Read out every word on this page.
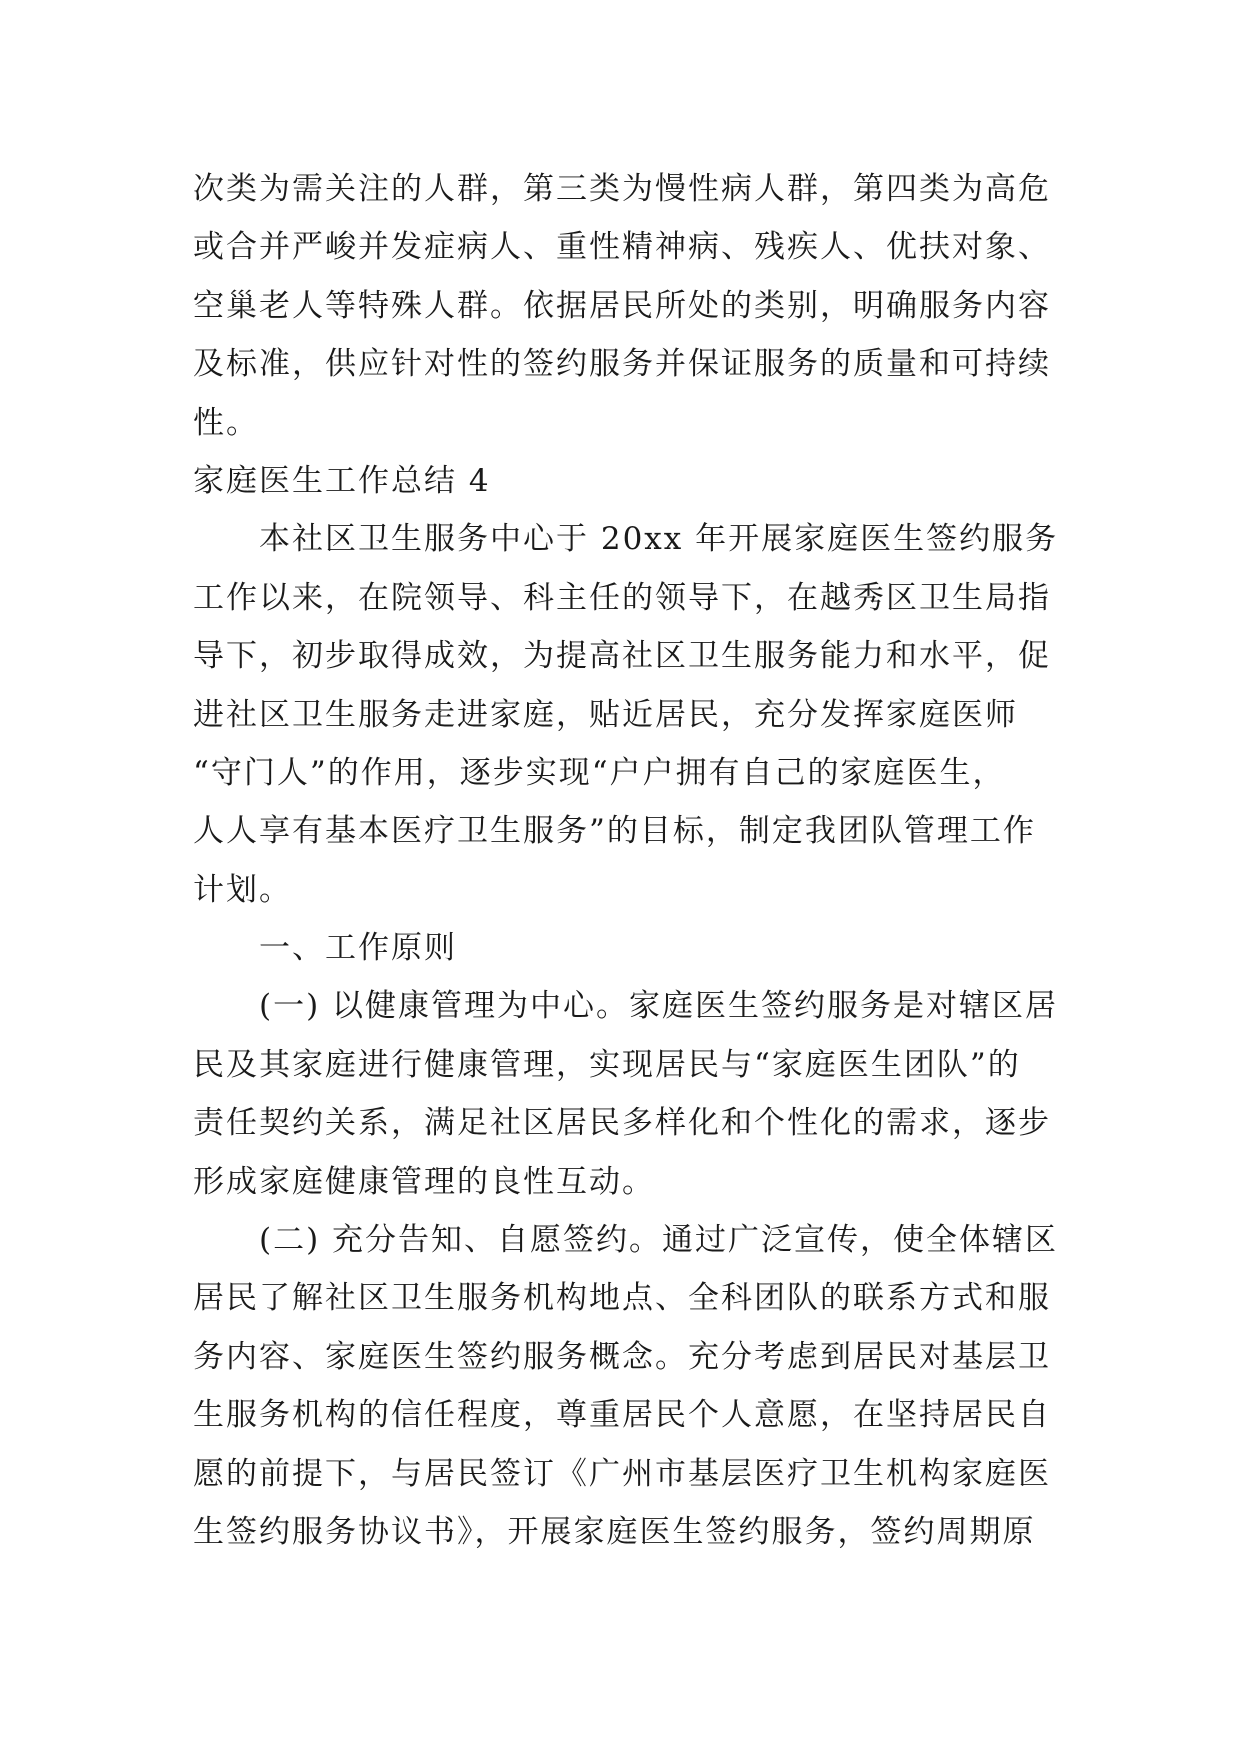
次类为需关注的人群，第三类为慢性病人群，第四类为高危
或合并严峻并发症病人、重性精神病、残疾人、优扶对象、
空巢老人等特殊人群。依据居民所处的类别，明确服务内容
及标准，供应针对性的签约服务并保证服务的质量和可持续
性。
家庭医生工作总结 4
本社区卫生服务中心于 20xx 年开展家庭医生签约服务
工作以来，在院领导、科主任的领导下，在越秀区卫生局指
导下，初步取得成效，为提高社区卫生服务能力和水平，促
进社区卫生服务走进家庭，贴近居民，充分发挥家庭医师
“守门人”的作用，逐步实现“户户拥有自己的家庭医生，
人人享有基本医疗卫生服务”的目标，制定我团队管理工作
计划。
一、工作原则
(一) 以健康管理为中心。家庭医生签约服务是对辖区居
民及其家庭进行健康管理，实现居民与“家庭医生团队”的
责任契约关系，满足社区居民多样化和个性化的需求，逐步
形成家庭健康管理的良性互动。
(二) 充分告知、自愿签约。通过广泛宣传，使全体辖区
居民了解社区卫生服务机构地点、全科团队的联系方式和服
务内容、家庭医生签约服务概念。充分考虑到居民对基层卫
生服务机构的信任程度，尊重居民个人意愿，在坚持居民自
愿的前提下，与居民签订《广州市基层医疗卫生机构家庭医
生签约服务协议书》，开展家庭医生签约服务，签约周期原
